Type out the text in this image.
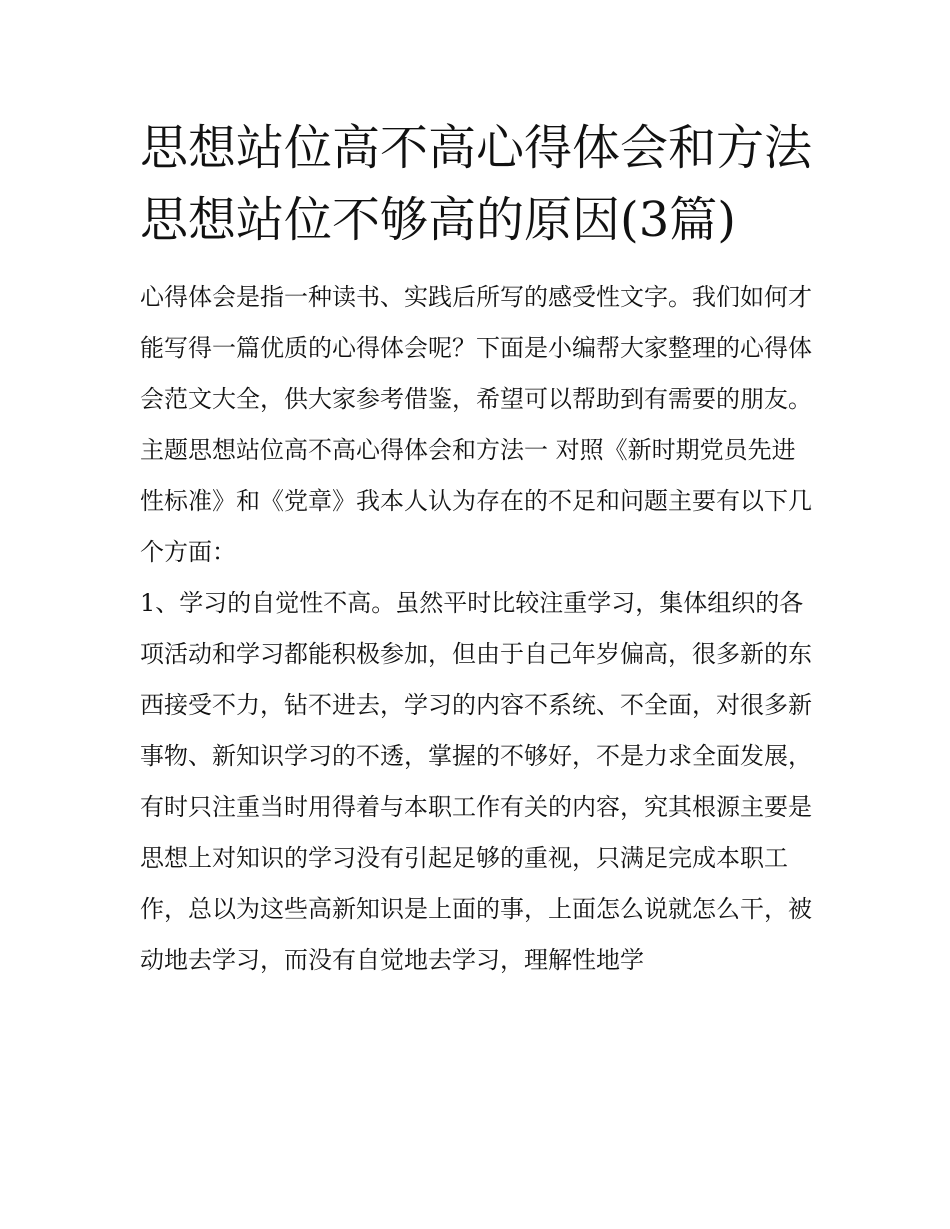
思想站位高不高心得体会和方法 思想站位不够高的原因(3篇)

心得体会是指一种读书、实践后所写的感受性文字。我们如何才能写得一篇优质的心得体会呢？下面是小编帮大家整理的心得体会范文大全，供大家参考借鉴，希望可以帮助到有需要的朋友。

主题思想站位高不高心得体会和方法一 对照《新时期党员先进性标准》和《党章》我本人认为存在的不足和问题主要有以下几个方面：

1、学习的自觉性不高。虽然平时比较注重学习，集体组织的各项活动和学习都能积极参加，但由于自己年岁偏高，很多新的东西接受不力，钻不进去，学习的内容不系统、不全面，对很多新事物、新知识学习的不透，掌握的不够好，不是力求全面发展，有时只注重当时用得着与本职工作有关的内容，究其根源主要是思想上对知识的学习没有引起足够的重视，只满足完成本职工作，总以为这些高新知识是上面的事，上面怎么说就怎么干，被动地去学习，而没有自觉地去学习，理解性地学
